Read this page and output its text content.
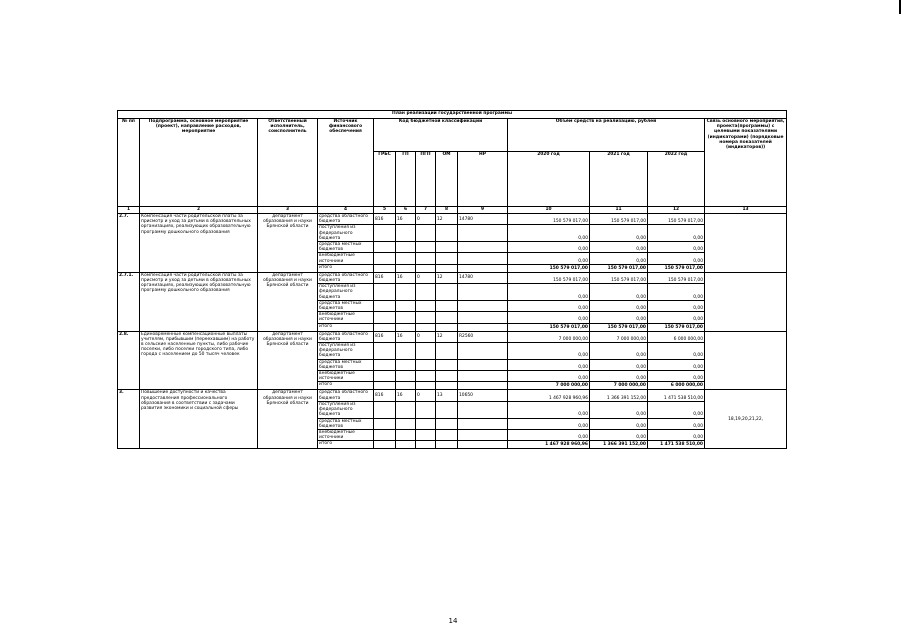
План реализации государственной программы												
№ пп	Подпрограмма, основное мероприятие (проект), направление расходов, мероприятие	Ответственный исполнитель, соисполнитель	Источник финансового обеспечения	Код бюджетной классификации					Объём средств на реализацию, рублей			Связь основного мероприятия, проекта(программы) с целевыми показателями (индикаторами) (порядковые номера показателей (индикаторов))
				ГРБС	ГП	ПГП	ОМ	НР	2020 год	2021 год	2022 год	
1	2	3	4	5	6	7	8	9	10	11	12	13
2.7.	Компенсация части родительской платы за присмотр и уход за детьми в образовательных организациях, реализующих образовательную программу дошкольного образования	департамент образования и науки Брянской области	средства областного бюджета	816	16	0	12	14780	150 579 017,00	150 579 017,00	150 579 017,00	
			поступления из федерального бюджета						0,00	0,00	0,00	
			средства местных бюджетов						0,00	0,00	0,00	
			внебюджетные источники						0,00	0,00	0,00	
			итого						150 579 017,00	150 579 017,00	150 579 017,00	
2.7.1.	Компенсация части родительской платы за присмотр и уход за детьми в образовательных организациях, реализующих образовательную программу дошкольного образования	департамент образования и науки Брянской области	средства областного бюджета	816	16	0	12	14780	150 579 017,00	150 579 017,00	150 579 017,00	
			поступления из федерального бюджета						0,00	0,00	0,00	
			средства местных бюджетов						0,00	0,00	0,00	
			внебюджетные источники						0,00	0,00	0,00	
			итого						150 579 017,00	150 579 017,00	150 579 017,00	
2.8.	Единовременные компенсационные выплаты учителям, прибывшим (переехавшим) на работу в сельские населенные пункты, либо рабочие поселки, либо поселки городского типа, либо города с населением до 50 тысяч человек	департамент образования и науки Брянской области	средства областного бюджета	816	16	0	12	R2560	7 000 000,00	7 000 000,00	6 000 000,00	
			поступления из федерального бюджета						0,00	0,00	0,00	
			средства местных бюджетов						0,00	0,00	0,00	
			внебюджетные источники						0,00	0,00	0,00	
			итого						7 000 000,00	7 000 000,00	6 000 000,00	
3.	Повышение доступности и качества предоставления профессионального образования в соответствии с задачами развития экономики и социальной сферы	департамент образования и науки Брянской области	средства областного бюджета	816	16	0	13	10650	1 467 928 960,96	1 366 391 152,00	1 471 538 510,00	18,19,20,21,22,
			поступления из федерального бюджета						0,00	0,00	0,00	
			средства местных бюджетов						0,00	0,00	0,00	
			внебюджетные источники						0,00	0,00	0,00	
			итого						1 467 928 960,96	1 366 391 152,00	1 471 538 510,00	
14
